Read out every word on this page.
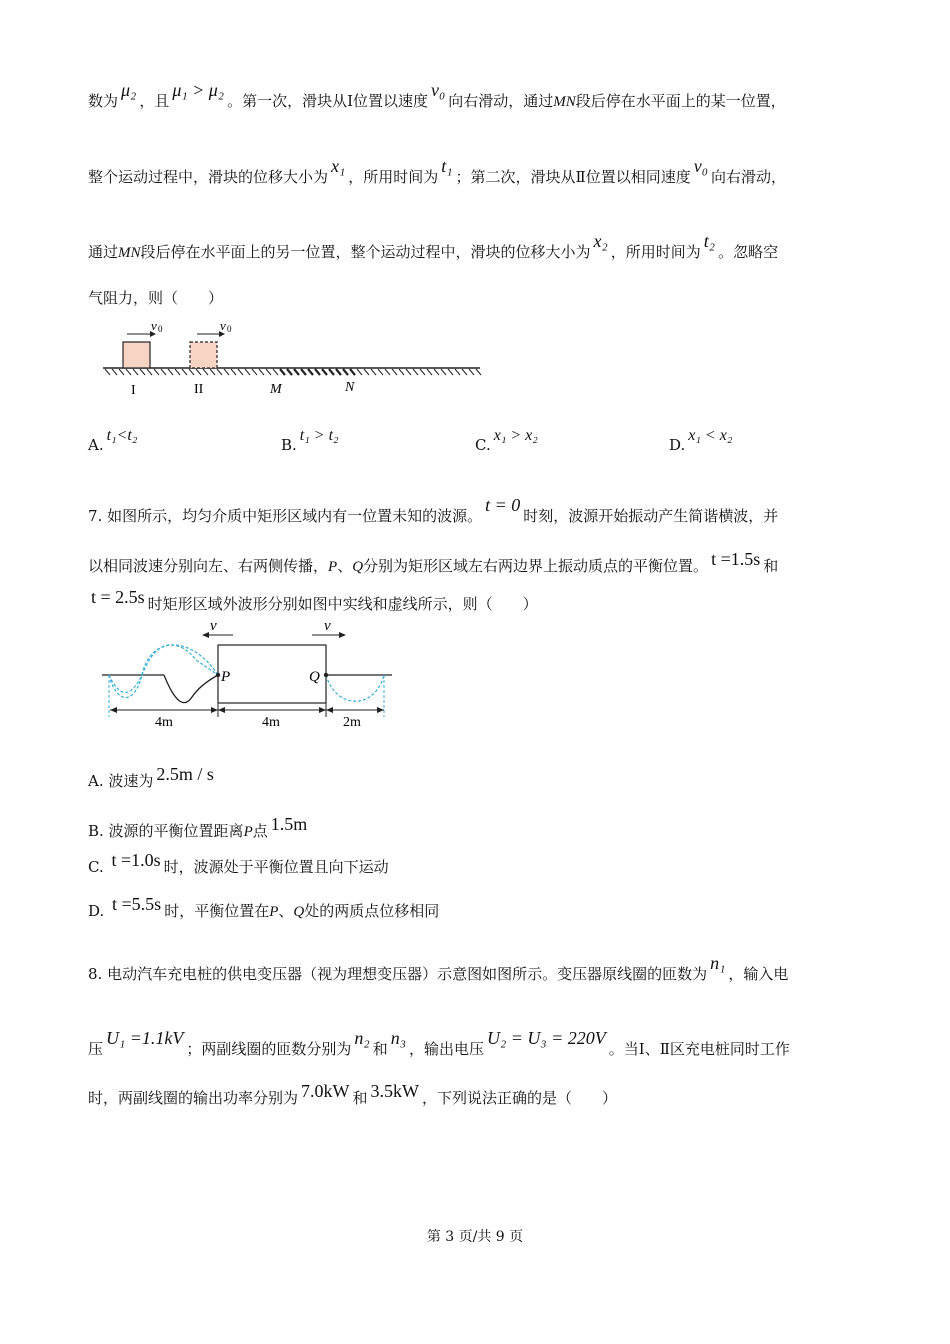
数为μ₂，且μ₁ > μ₂。第一次，滑块从Ⅰ位置以速度v₀向右滑动，通过MN段后停在水平面上的某一位置，
整个运动过程中，滑块的位移大小为x₁，所用时间为t₁；第二次，滑块从Ⅱ位置以相同速度v₀向右滑动，
通过MN段后停在水平面上的另一位置，整个运动过程中，滑块的位移大小为x₂，所用时间为t₂。忽略空
气阻力，则（　　）
v 0	v 0
I	II	M	N
A.t₁<t₂
B.t₁ > t₂
C.x₁ > x₂
D.x₁ < x₂
7. 如图所示，均匀介质中矩形区域内有一位置未知的波源。t = 0时刻，波源开始振动产生简谐横波，并
以相同波速分别向左、右两侧传播，P、Q分别为矩形区域左右两边界上振动质点的平衡位置。 t =1.5s 和
t = 2.5s 时矩形区域外波形分别如图中实线和虚线所示，则（　　）
v	v
P	Q
4m	4m	2m
A. 波速为 2.5m / s
B. 波源的平衡位置距离P点 1.5m
C. t =1.0s 时，波源处于平衡位置且向下运动
D. t =5.5s 时，平衡位置在P、Q处的两质点位移相同
8. 电动汽车充电桩的供电变压器（视为理想变压器）示意图如图所示。变压器原线圈的匝数为n₁，输入电
压U₁ =1.1kV；两副线圈的匝数分别为n₂和n₃，输出电压U₂ = U₃ = 220V。当Ⅰ、Ⅱ区充电桩同时工作
时，两副线圈的输出功率分别为 7.0kW 和 3.5kW ，下列说法正确的是（　　）
第 3 页/共 9 页
